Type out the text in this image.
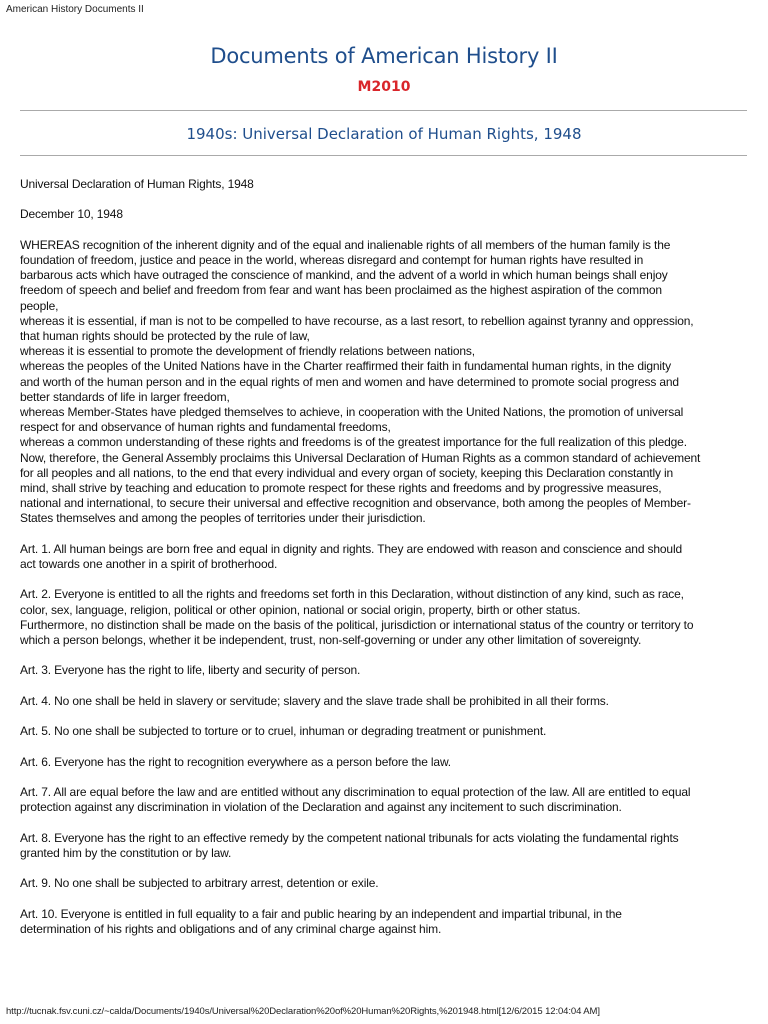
American History Documents II
Documents of American History II
M2010
1940s: Universal Declaration of Human Rights, 1948

Universal Declaration of Human Rights, 1948

December 10, 1948

WHEREAS recognition of the inherent dignity and of the equal and inalienable rights of all members of the human family is the
foundation of freedom, justice and peace in the world, whereas disregard and contempt for human rights have resulted in
barbarous acts which have outraged the conscience of mankind, and the advent of a world in which human beings shall enjoy
freedom of speech and belief and freedom from fear and want has been proclaimed as the highest aspiration of the common
people,
whereas it is essential, if man is not to be compelled to have recourse, as a last resort, to rebellion against tyranny and oppression,
that human rights should be protected by the rule of law,
whereas it is essential to promote the development of friendly relations between nations,
whereas the peoples of the United Nations have in the Charter reaffirmed their faith in fundamental human rights, in the dignity
and worth of the human person and in the equal rights of men and women and have determined to promote social progress and
better standards of life in larger freedom,
whereas Member-States have pledged themselves to achieve, in cooperation with the United Nations, the promotion of universal
respect for and observance of human rights and fundamental freedoms,
whereas a common understanding of these rights and freedoms is of the greatest importance for the full realization of this pledge.
Now, therefore, the General Assembly proclaims this Universal Declaration of Human Rights as a common standard of achievement
for all peoples and all nations, to the end that every individual and every organ of society, keeping this Declaration constantly in
mind, shall strive by teaching and education to promote respect for these rights and freedoms and by progressive measures,
national and international, to secure their universal and effective recognition and observance, both among the peoples of Member-
States themselves and among the peoples of territories under their jurisdiction.

Art. 1. All human beings are born free and equal in dignity and rights. They are endowed with reason and conscience and should
act towards one another in a spirit of brotherhood.

Art. 2. Everyone is entitled to all the rights and freedoms set forth in this Declaration, without distinction of any kind, such as race,
color, sex, language, religion, political or other opinion, national or social origin, property, birth or other status.
Furthermore, no distinction shall be made on the basis of the political, jurisdiction or international status of the country or territory to
which a person belongs, whether it be independent, trust, non-self-governing or under any other limitation of sovereignty.

Art. 3. Everyone has the right to life, liberty and security of person.

Art. 4. No one shall be held in slavery or servitude; slavery and the slave trade shall be prohibited in all their forms.

Art. 5. No one shall be subjected to torture or to cruel, inhuman or degrading treatment or punishment.

Art. 6. Everyone has the right to recognition everywhere as a person before the law.

Art. 7. All are equal before the law and are entitled without any discrimination to equal protection of the law. All are entitled to equal
protection against any discrimination in violation of the Declaration and against any incitement to such discrimination.

Art. 8. Everyone has the right to an effective remedy by the competent national tribunals for acts violating the fundamental rights
granted him by the constitution or by law.

Art. 9. No one shall be subjected to arbitrary arrest, detention or exile.

Art. 10. Everyone is entitled in full equality to a fair and public hearing by an independent and impartial tribunal, in the
determination of his rights and obligations and of any criminal charge against him.

http://tucnak.fsv.cuni.cz/~calda/Documents/1940s/Universal%20Declaration%20of%20Human%20Rights,%201948.html[12/6/2015 12:04:04 AM]
